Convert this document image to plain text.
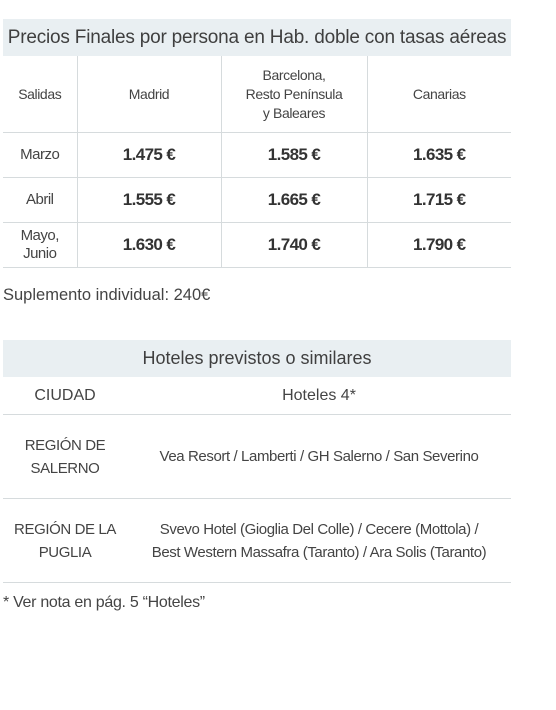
Precios Finales por persona en Hab. doble con tasas aéreas			
Salidas	Madrid	Barcelona,
Resto Península
y Baleares	Canarias
Marzo	1.475 €	1.585 €	1.635 €
Abril	1.555 €	1.665 €	1.715 €
Mayo,
Junio	1.630 €	1.740 €	1.790 €
Suplemento individual: 240€
Hoteles previstos o similares	
CIUDAD	Hoteles 4*
REGIÓN DE
SALERNO	Vea Resort / Lamberti / GH Salerno / San Severino
REGIÓN DE LA
PUGLIA	Svevo Hotel (Gioglia Del Colle) / Cecere (Mottola) /
Best Western Massafra (Taranto) / Ara Solis (Taranto)
* Ver nota en pág. 5 “Hoteles”
